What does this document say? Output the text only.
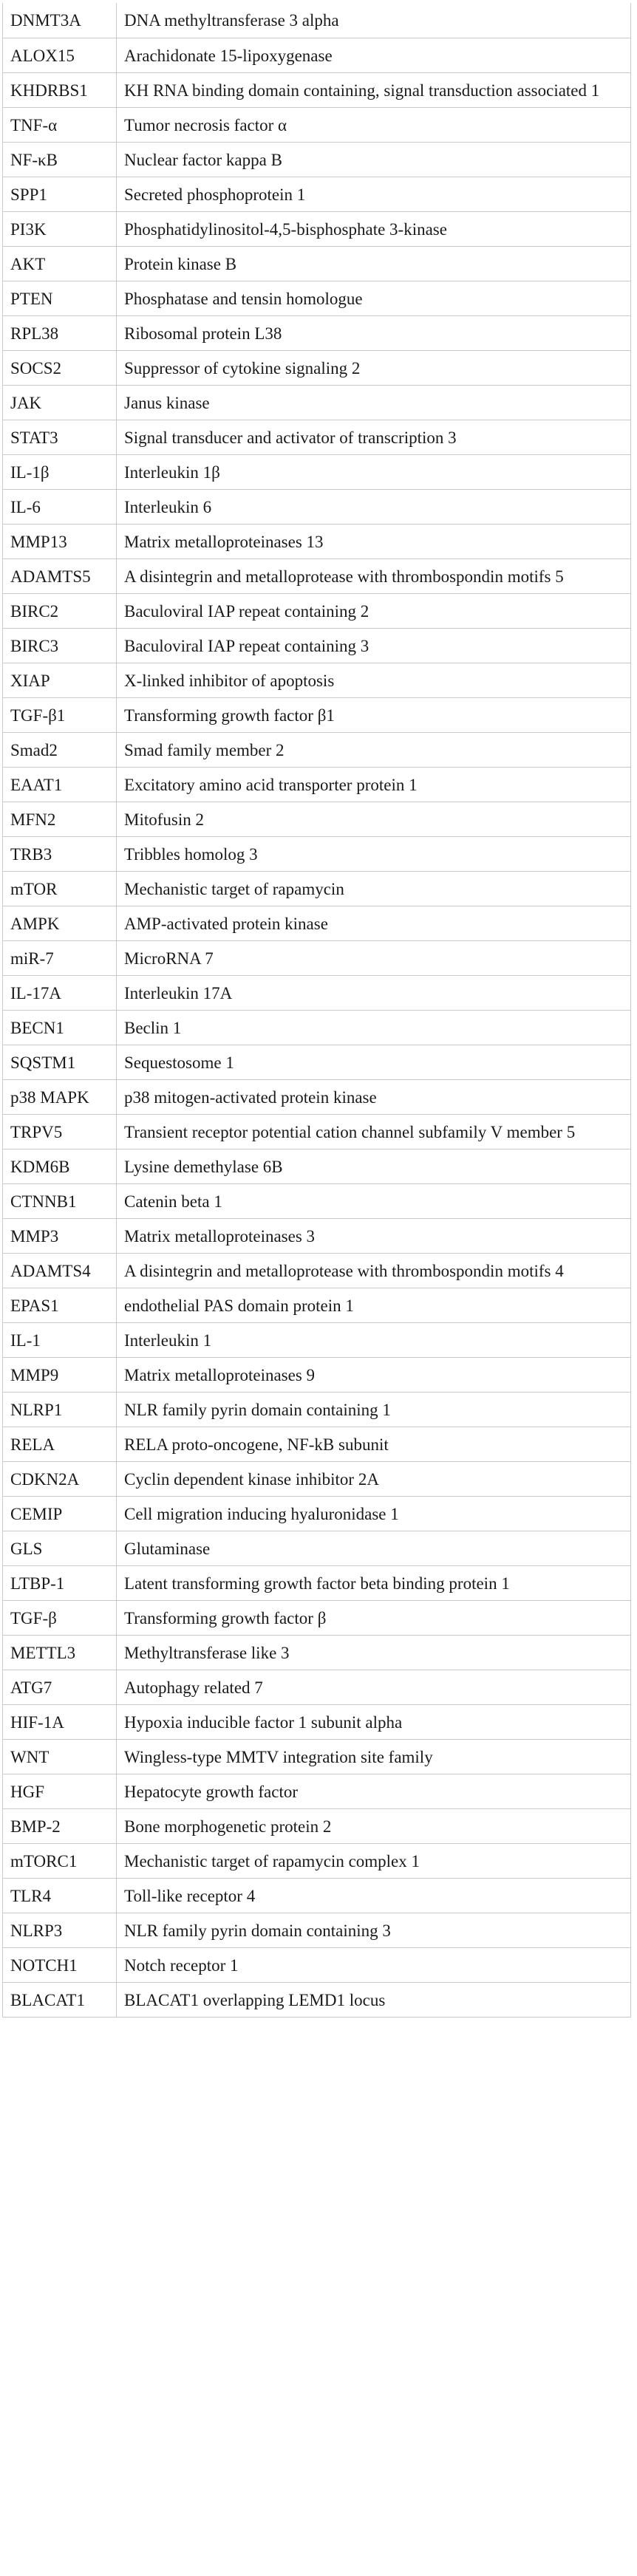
DNMT3A	DNA methyltransferase 3 alpha
ALOX15	Arachidonate 15-lipoxygenase
KHDRBS1	KH RNA binding domain containing, signal transduction associated 1
TNF-α	Tumor necrosis factor α
NF-κB	Nuclear factor kappa B
SPP1	Secreted phosphoprotein 1
PI3K	Phosphatidylinositol-4,5-bisphosphate 3-kinase
AKT	Protein kinase B
PTEN	Phosphatase and tensin homologue
RPL38	Ribosomal protein L38
SOCS2	Suppressor of cytokine signaling 2
JAK	Janus kinase
STAT3	Signal transducer and activator of transcription 3
IL-1β	Interleukin 1β
IL-6	Interleukin 6
MMP13	Matrix metalloproteinases 13
ADAMTS5	A disintegrin and metalloprotease with thrombospondin motifs 5
BIRC2	Baculoviral IAP repeat containing 2
BIRC3	Baculoviral IAP repeat containing 3
XIAP	X-linked inhibitor of apoptosis
TGF-β1	Transforming growth factor β1
Smad2	Smad family member 2
EAAT1	Excitatory amino acid transporter protein 1
MFN2	Mitofusin 2
TRB3	Tribbles homolog 3
mTOR	Mechanistic target of rapamycin
AMPK	AMP-activated protein kinase
miR-7	MicroRNA 7
IL-17A	Interleukin 17A
BECN1	Beclin 1
SQSTM1	Sequestosome 1
p38 MAPK	p38 mitogen-activated protein kinase
TRPV5	Transient receptor potential cation channel subfamily V member 5
KDM6B	Lysine demethylase 6B
CTNNB1	Catenin beta 1
MMP3	Matrix metalloproteinases 3
ADAMTS4	A disintegrin and metalloprotease with thrombospondin motifs 4
EPAS1	endothelial PAS domain protein 1
IL-1	Interleukin 1
MMP9	Matrix metalloproteinases 9
NLRP1	NLR family pyrin domain containing 1
RELA	RELA proto-oncogene, NF-kB subunit
CDKN2A	Cyclin dependent kinase inhibitor 2A
CEMIP	Cell migration inducing hyaluronidase 1
GLS	Glutaminase
LTBP-1	Latent transforming growth factor beta binding protein 1
TGF-β	Transforming growth factor β
METTL3	Methyltransferase like 3
ATG7	Autophagy related 7
HIF-1A	Hypoxia inducible factor 1 subunit alpha
WNT	Wingless-type MMTV integration site family
HGF	Hepatocyte growth factor
BMP-2	Bone morphogenetic protein 2
mTORC1	Mechanistic target of rapamycin complex 1
TLR4	Toll-like receptor 4
NLRP3	NLR family pyrin domain containing 3
NOTCH1	Notch receptor 1
BLACAT1	BLACAT1 overlapping LEMD1 locus
